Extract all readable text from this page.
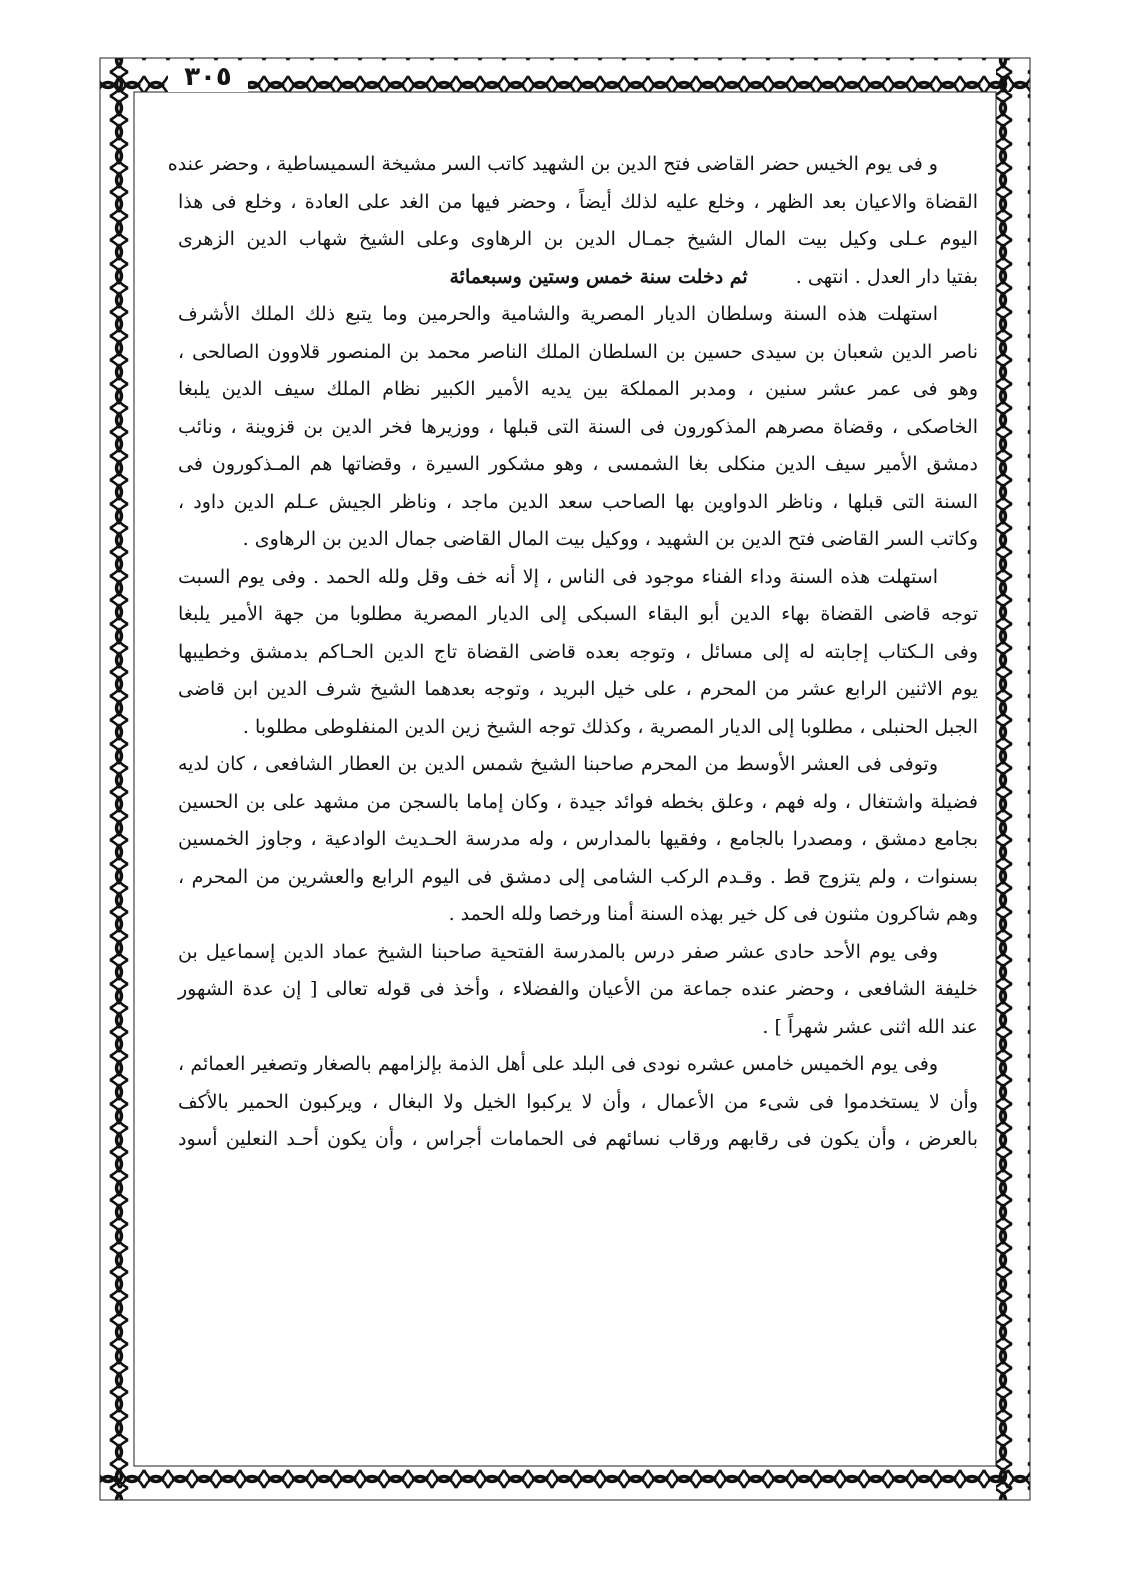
٣٠٥
و فى يوم الخيس حضر القاضى فتح الدين بن الشهيد كاتب السر مشيخة السميساطية ، وحضر عنده
القضاة والاعيان بعد الظهر ، وخلع عليه لذلك أيضاً ، وحضر فيها من الغد على العادة ، وخلع فى هذا
اليوم عـلى وكيل بيت المال الشيخ جمـال الدين بن الرهاوى وعلى الشيخ شهاب الدين الزهرى
بفتيا دار العدل . انتهى .
ثم دخلت سنة خمس وستين وسبعمائة
استهلت هذه السنة وسلطان الديار المصرية والشامية والحرمين وما يتبع ذلك الملك الأشرف
ناصر الدين شعبان بن سيدى حسين بن السلطان الملك الناصر محمد بن المنصور قلاوون الصالحى ،
وهو فى عمر عشر سنين ، ومدبر المملكة بين يديه الأمير الكبير نظام الملك سيف الدين يلبغا
الخاصكى ، وقضاة مصرهم المذكورون فى السنة التى قبلها ، ووزيرها فخر الدين بن قزوينة ، ونائب
دمشق الأمير سيف الدين منكلى بغا الشمسى ، وهو مشكور السيرة ، وقضاتها هم المـذكورون فى
السنة التى قبلها ، وناظر الدواوين بها الصاحب سعد الدين ماجد ، وناظر الجيش عـلم الدين داود ،
وكاتب السر القاضى فتح الدين بن الشهيد ، ووكيل بيت المال القاضى جمال الدين بن الرهاوى .
استهلت هذه السنة وداء الفناء موجود فى الناس ، إلا أنه خف وقل ولله الحمد . وفى يوم السبت
توجه قاضى القضاة بهاء الدين أبو البقاء السبكى إلى الديار المصرية مطلوبا من جهة الأمير يلبغا
وفى الـكتاب إجابته له إلى مسائل ، وتوجه بعده قاضى القضاة تاج الدين الحـاكم بدمشق وخطيبها
يوم الاثنين الرابع عشر من المحرم ، على خيل البريد ، وتوجه بعدهما الشيخ شرف الدين ابن قاضى
الجبل الحنبلى ، مطلوبا إلى الديار المصرية ، وكذلك توجه الشيخ زين الدين المنفلوطى مطلوبا .
وتوفى فى العشر الأوسط من المحرم صاحبنا الشيخ شمس الدين بن العطار الشافعى ، كان لديه
فضيلة واشتغال ، وله فهم ، وعلق بخطه فوائد جيدة ، وكان إماما بالسجن من مشهد على بن الحسين
بجامع دمشق ، ومصدرا بالجامع ، وفقيها بالمدارس ، وله مدرسة الحـديث الوادعية ، وجاوز الخمسين
بسنوات ، ولم يتزوج قط . وقـدم الركب الشامى إلى دمشق فى اليوم الرابع والعشرين من المحرم ،
وهم شاكرون مثنون فى كل خير بهذه السنة أمنا ورخصا ولله الحمد .
وفى يوم الأحد حادى عشر صفر درس بالمدرسة الفتحية صاحبنا الشيخ عماد الدين إسماعيل بن
خليفة الشافعى ، وحضر عنده جماعة من الأعيان والفضلاء ، وأخذ فى قوله تعالى [ إن عدة الشهور
عند الله اثنى عشر شهراً ] .
وفى يوم الخميس خامس عشره نودى فى البلد على أهل الذمة بإلزامهم بالصغار وتصغير العمائم ،
وأن لا يستخدموا فى شىء من الأعمال ، وأن لا يركبوا الخيل ولا البغال ، ويركبون الحمير بالأكف
بالعرض ، وأن يكون فى رقابهم ورقاب نسائهم فى الحمامات أجراس ، وأن يكون أحـد النعلين أسود
